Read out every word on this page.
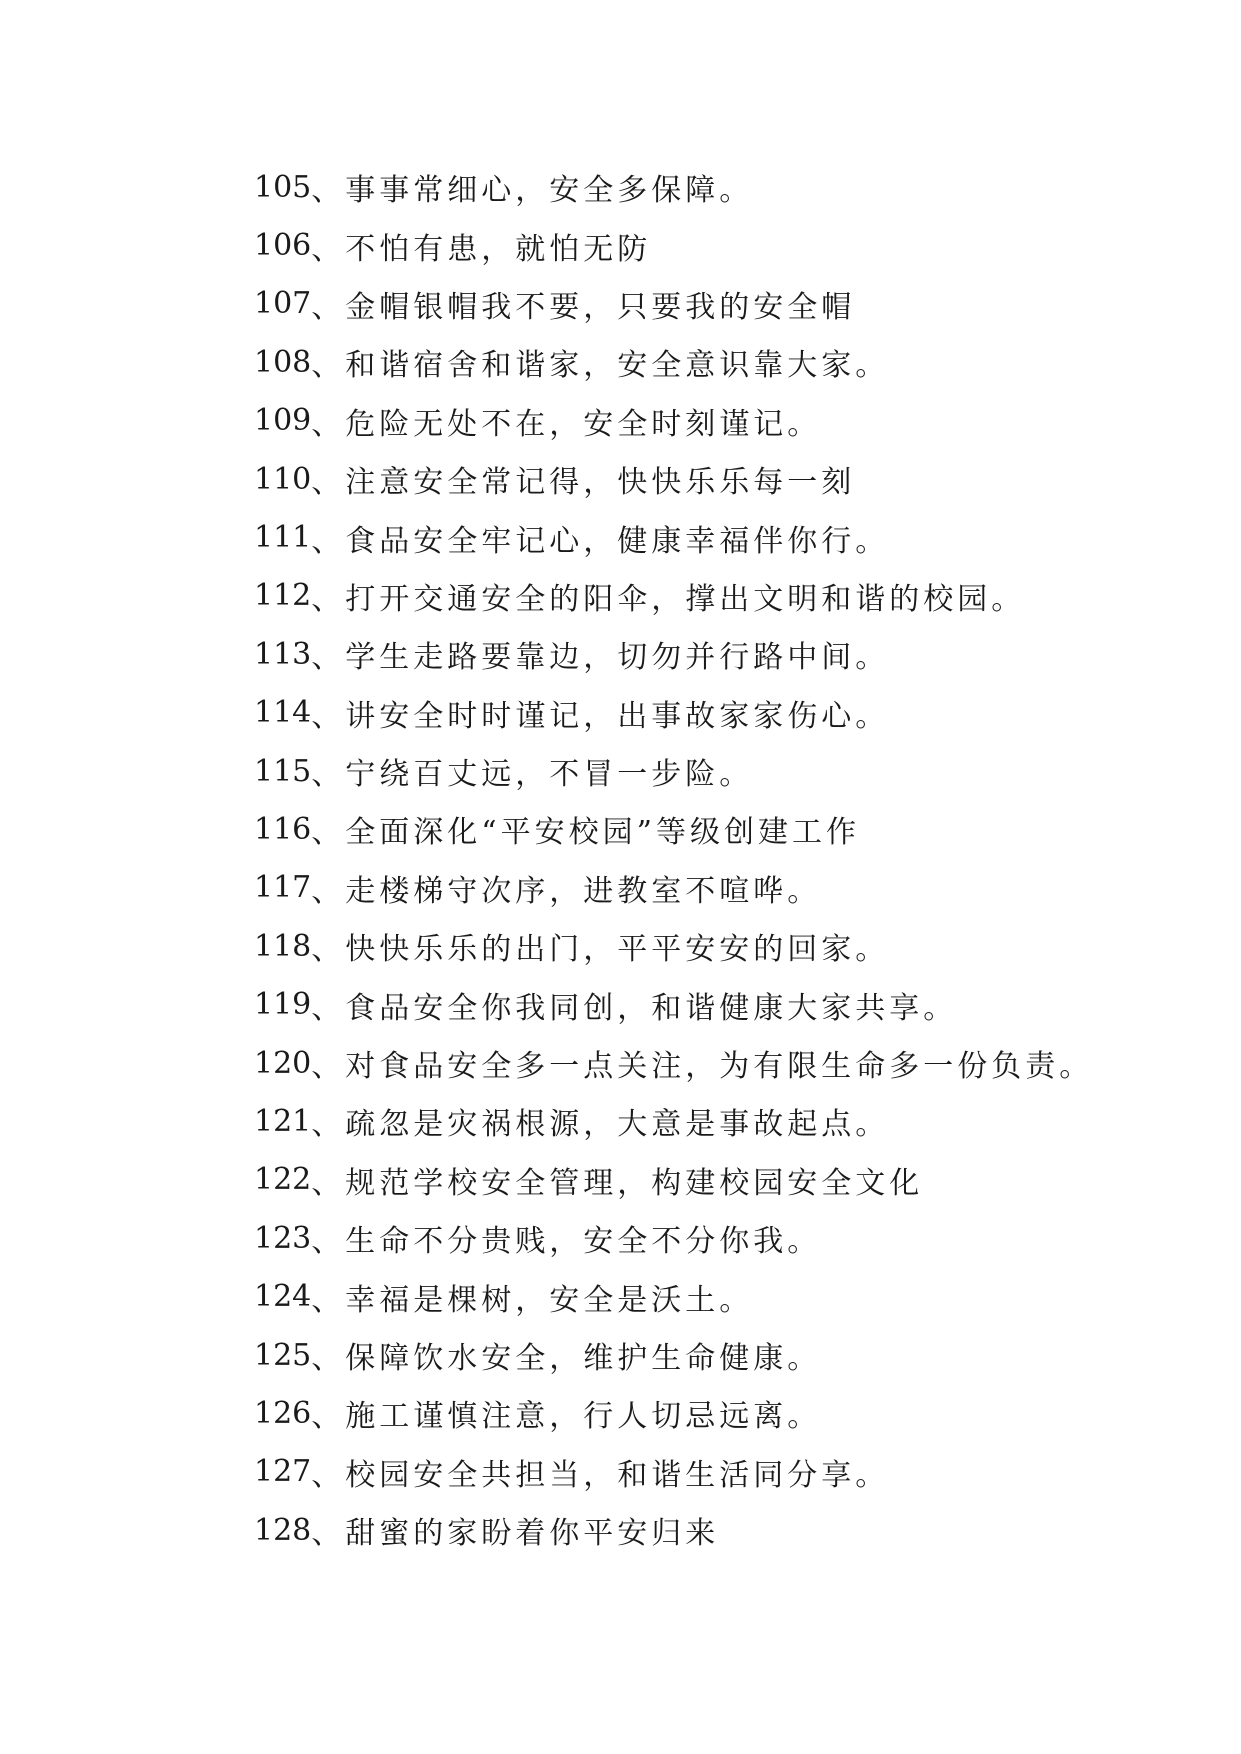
105 、 事事常细心，安全多保障。
106 、 不怕有患，就怕无防
107 、 金帽银帽我不要，只要我的安全帽
108 、 和谐宿舍和谐家，安全意识靠大家。
109 、 危险无处不在，安全时刻谨记。
110 、 注意安全常记得，快快乐乐每一刻
111 、 食品安全牢记心，健康幸福伴你行。
112 、 打开交通安全的阳伞，撑出文明和谐的校园。
113 、 学生走路要靠边，切勿并行路中间。
114 、 讲安全时时谨记，出事故家家伤心。
115 、 宁绕百丈远，不冒一步险。
116 、 全面深化“平安校园”等级创建工作
117 、 走楼梯守次序，进教室不喧哗。
118 、 快快乐乐的出门，平平安安的回家。
119 、 食品安全你我同创，和谐健康大家共享。
120 、 对食品安全多一点关注，为有限生命多一份负责。
121 、 疏忽是灾祸根源，大意是事故起点。
122 、 规范学校安全管理，构建校园安全文化
123 、 生命不分贵贱，安全不分你我。
124 、 幸福是棵树，安全是沃土。
125 、 保障饮水安全，维护生命健康。
126 、 施工谨慎注意，行人切忌远离。
127 、 校园安全共担当，和谐生活同分享。
128 、 甜蜜的家盼着你平安归来
